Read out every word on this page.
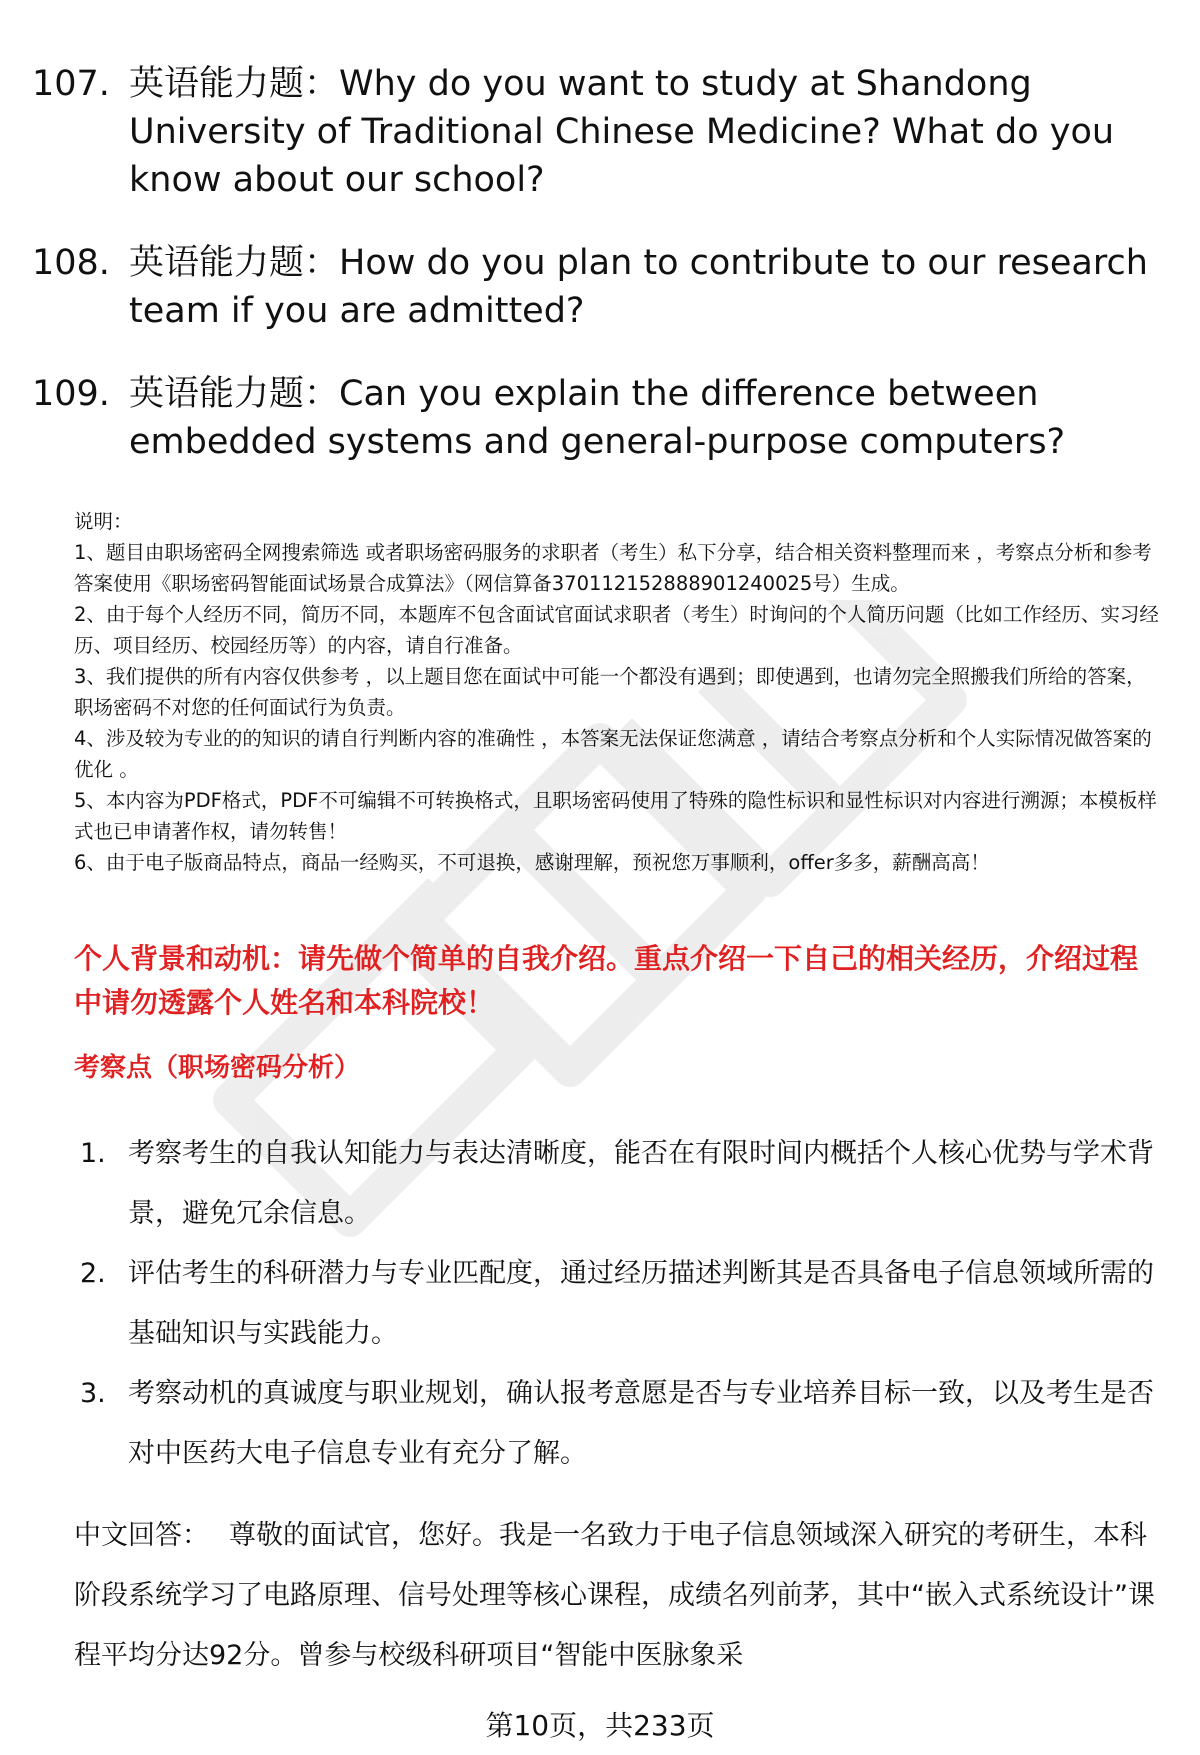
107. 英语能力题：Why do you want to study at Shandong University of Traditional Chinese Medicine? What do you know about our school?
108. 英语能力题：How do you plan to contribute to our research team if you are admitted?
109. 英语能力题：Can you explain the difference between embedded systems and general-purpose computers?

说明：

1、题目由职场密码全网搜索筛选 或者职场密码服务的求职者（考生）私下分享，结合相关资料整理而来 ，考察点分析和参考答案使用《职场密码智能面试场景合成算法》（网信算备370112152888901240025号）生成。

2、由于每个人经历不同，简历不同，本题库不包含面试官面试求职者（考生）时询问的个人简历问题（比如工作经历、实习经历、项目经历、校园经历等）的内容，请自行准备。

3、我们提供的所有内容仅供参考 ，以上题目您在面试中可能一个都没有遇到；即使遇到，也请勿完全照搬我们所给的答案，职场密码不对您的任何面试行为负责。

4、涉及较为专业的的知识的请自行判断内容的准确性 ，本答案无法保证您满意 ，请结合考察点分析和个人实际情况做答案的优化 。

5、本内容为PDF格式，PDF不可编辑不可转换格式，且职场密码使用了特殊的隐性标识和显性标识对内容进行溯源；本模板样式也已申请著作权，请勿转售！

6、由于电子版商品特点，商品一经购买，不可退换，感谢理解，预祝您万事顺利，offer多多，薪酬高高！

个人背景和动机：请先做个简单的自我介绍。重点介绍一下自己的相关经历，介绍过程中请勿透露个人姓名和本科院校！
考察点（职场密码分析）
1. 考察考生的自我认知能力与表达清晰度，能否在有限时间内概括个人核心优势与学术背景，避免冗余信息。
2. 评估考生的科研潜力与专业匹配度，通过经历描述判断其是否具备电子信息领域所需的基础知识与实践能力。
3. 考察动机的真诚度与职业规划，确认报考意愿是否与专业培养目标一致，以及考生是否对中医药大电子信息专业有充分了解。
中文回答： 尊敬的面试官，您好。我是一名致力于电子信息领域深入研究的考研生，本科阶段系统学习了电路原理、信号处理等核心课程，成绩名列前茅，其中“嵌入式系统设计”课程平均分达92分。曾参与校级科研项目“智能中医脉象采
第10页，共233页
